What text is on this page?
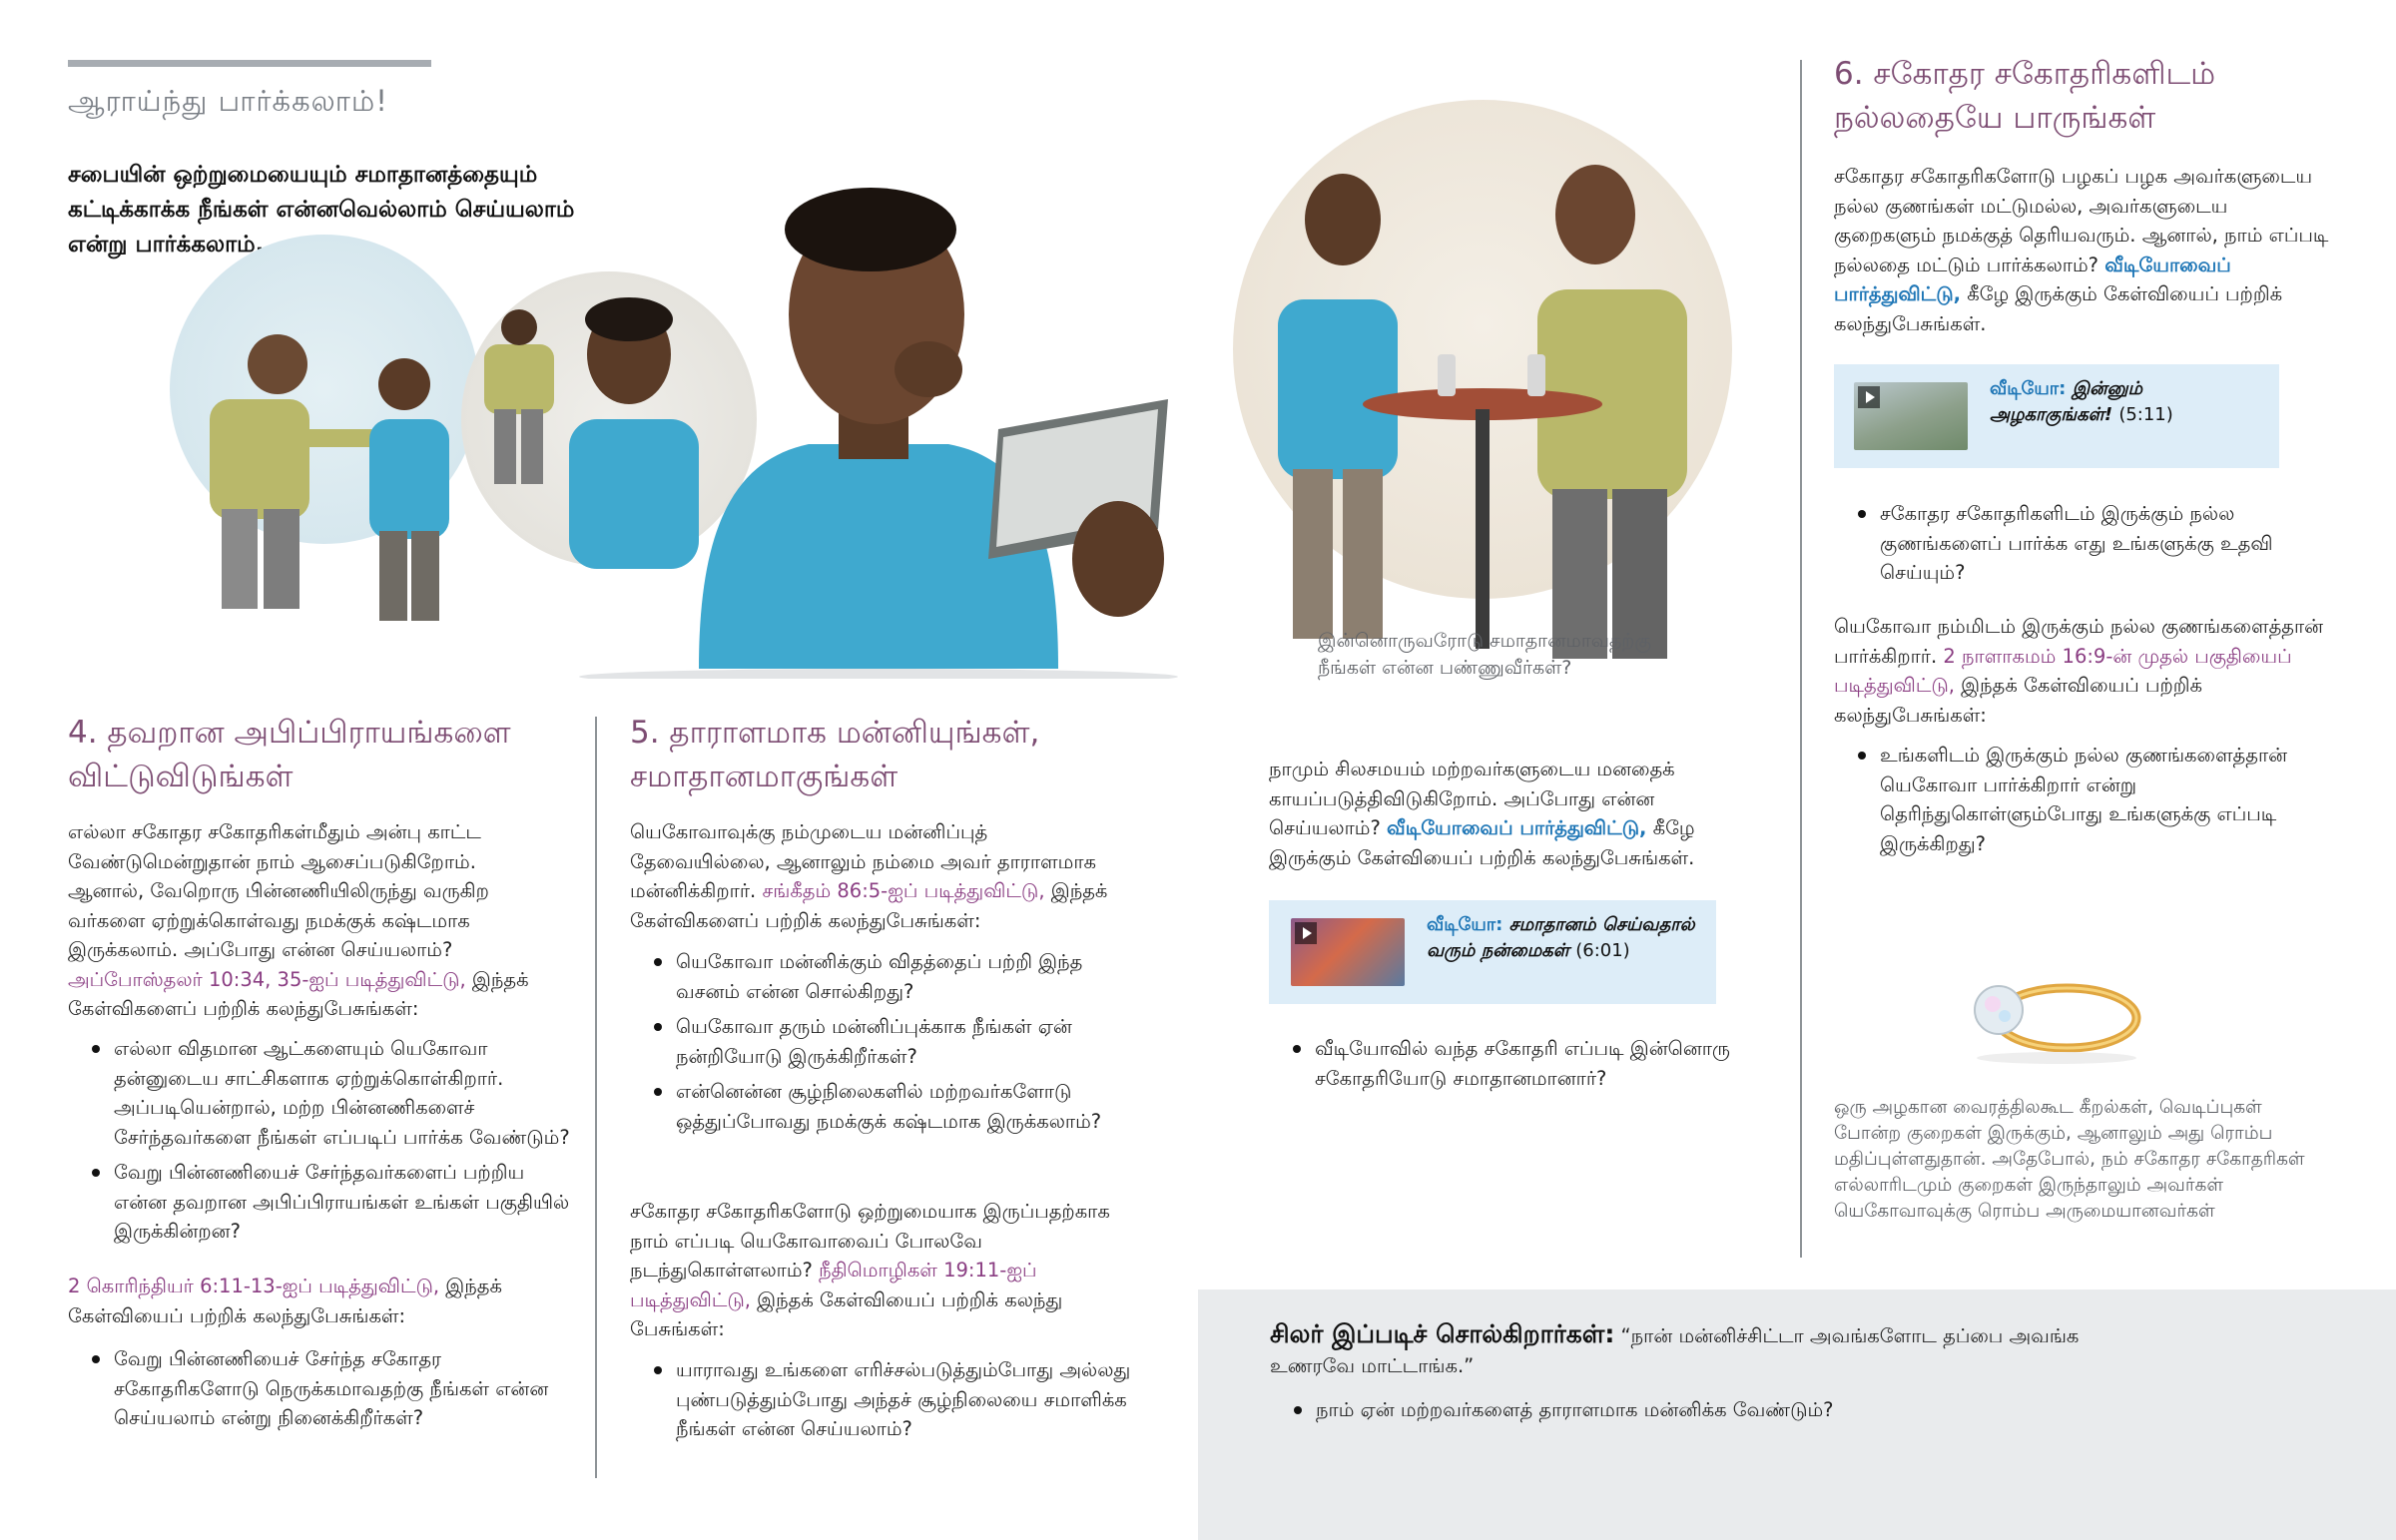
ஆராய்ந்து பார்க்கலாம்!
சபையின் ஒற்றுமையையும் சமாதானத்தையும் கட்டிக்காக்க நீங்கள் என்னவெல்லாம் செய்யலாம் என்று பார்க்கலாம்.
இன்னொருவரோடு சமாதானமாவதற்கு நீங்கள் என்ன பண்ணுவீர்கள்?
4. தவறான அபிப்பிராயங்களை விட்டுவிடுங்கள்
எல்லா சகோதர சகோதரிகள்மீதும் அன்பு காட்ட வேண்டுமென்றுதான் நாம் ஆசைப்படுகிறோம். ஆனால், வேறொரு பின்னணியிலிருந்து வருகிற வர்களை ஏற்றுக்கொள்வது நமக்குக் கஷ்டமாக இருக்கலாம். அப்போது என்ன செய்யலாம்? அப்போஸ்தலர் 10:34, 35-ஐப் படித்துவிட்டு, இந்தக் கேள்விகளைப் பற்றிக் கலந்துபேசுங்கள்:
எல்லா விதமான ஆட்களையும் யெகோவா தன்னுடைய சாட்சிகளாக ஏற்றுக்கொள்கிறார். அப்படியென்றால், மற்ற பின்னணிகளைச் சேர்ந்தவர்களை நீங்கள் எப்படிப் பார்க்க வேண்டும்?
வேறு பின்னணியைச் சேர்ந்தவர்களைப் பற்றிய என்ன தவறான அபிப்பிராயங்கள் உங்கள் பகுதியில் இருக்கின்றன?
2 கொரிந்தியர் 6:11-13-ஐப் படித்துவிட்டு, இந்தக் கேள்வியைப் பற்றிக் கலந்துபேசுங்கள்:
வேறு பின்னணியைச் சேர்ந்த சகோதர சகோதரிகளோடு நெருக்கமாவதற்கு நீங்கள் என்ன செய்யலாம் என்று நினைக்கிறீர்கள்?
5. தாராளமாக மன்னியுங்கள், சமாதானமாகுங்கள்
யெகோவாவுக்கு நம்முடைய மன்னிப்புத் தேவையில்லை, ஆனாலும் நம்மை அவர் தாராளமாக மன்னிக்கிறார். சங்கீதம் 86:5-ஐப் படித்துவிட்டு, இந்தக் கேள்விகளைப் பற்றிக் கலந்துபேசுங்கள்:
யெகோவா மன்னிக்கும் விதத்தைப் பற்றி இந்த வசனம் என்ன சொல்கிறது?
யெகோவா தரும் மன்னிப்புக்காக நீங்கள் ஏன் நன்றியோடு இருக்கிறீர்கள்?
என்னென்ன சூழ்நிலைகளில் மற்றவர்களோடு ஒத்துப்போவது நமக்குக் கஷ்டமாக இருக்கலாம்?
சகோதர சகோதரிகளோடு ஒற்றுமையாக இருப்பதற்காக நாம் எப்படி யெகோவாவைப் போலவே நடந்துகொள்ளலாம்? நீதிமொழிகள் 19:11-ஐப் படித்துவிட்டு, இந்தக் கேள்வியைப் பற்றிக் கலந்து பேசுங்கள்:
யாராவது உங்களை எரிச்சல்படுத்தும்போது அல்லது புண்படுத்தும்போது அந்தச் சூழ்நிலையை சமாளிக்க நீங்கள் என்ன செய்யலாம்?
நாமும் சிலசமயம் மற்றவர்களுடைய மனதைக் காயப்படுத்திவிடுகிறோம். அப்போது என்ன செய்யலாம்? வீடியோவைப் பார்த்துவிட்டு, கீழே இருக்கும் கேள்வியைப் பற்றிக் கலந்துபேசுங்கள்.
வீடியோ: சமாதானம் செய்வதால் வரும் நன்மைகள் (6:01)
வீடியோவில் வந்த சகோதரி எப்படி இன்னொரு சகோதரியோடு சமாதானமானார்?
6. சகோதர சகோதரிகளிடம் நல்லதையே பாருங்கள்
சகோதர சகோதரிகளோடு பழகப் பழக அவர்களுடைய நல்ல குணங்கள் மட்டுமல்ல, அவர்களுடைய குறைகளும் நமக்குத் தெரியவரும். ஆனால், நாம் எப்படி நல்லதை மட்டும் பார்க்கலாம்? வீடியோவைப் பார்த்துவிட்டு, கீழே இருக்கும் கேள்வியைப் பற்றிக் கலந்துபேசுங்கள்.
வீடியோ: இன்னும் அழகாகுங்கள்! (5:11)
சகோதர சகோதரிகளிடம் இருக்கும் நல்ல குணங்களைப் பார்க்க எது உங்களுக்கு உதவி செய்யும்?
யெகோவா நம்மிடம் இருக்கும் நல்ல குணங்களைத்தான் பார்க்கிறார். 2 நாளாகமம் 16:9-ன் முதல் பகுதியைப் படித்துவிட்டு, இந்தக் கேள்வியைப் பற்றிக் கலந்துபேசுங்கள்:
உங்களிடம் இருக்கும் நல்ல குணங்களைத்தான் யெகோவா பார்க்கிறார் என்று தெரிந்துகொள்ளும்போது உங்களுக்கு எப்படி இருக்கிறது?
ஒரு அழகான வைரத்திலகூட கீறல்கள், வெடிப்புகள் போன்ற குறைகள் இருக்கும், ஆனாலும் அது ரொம்ப மதிப்புள்ளதுதான். அதேபோல், நம் சகோதர சகோதரிகள் எல்லாரிடமும் குறைகள் இருந்தாலும் அவர்கள் யெகோவாவுக்கு ரொம்ப அருமையானவர்கள்
சிலர் இப்படிச் சொல்கிறார்கள்: “நான் மன்னிச்சிட்டா அவங்களோட தப்பை அவங்க உணரவே மாட்டாங்க.”
நாம் ஏன் மற்றவர்களைத் தாராளமாக மன்னிக்க வேண்டும்?
